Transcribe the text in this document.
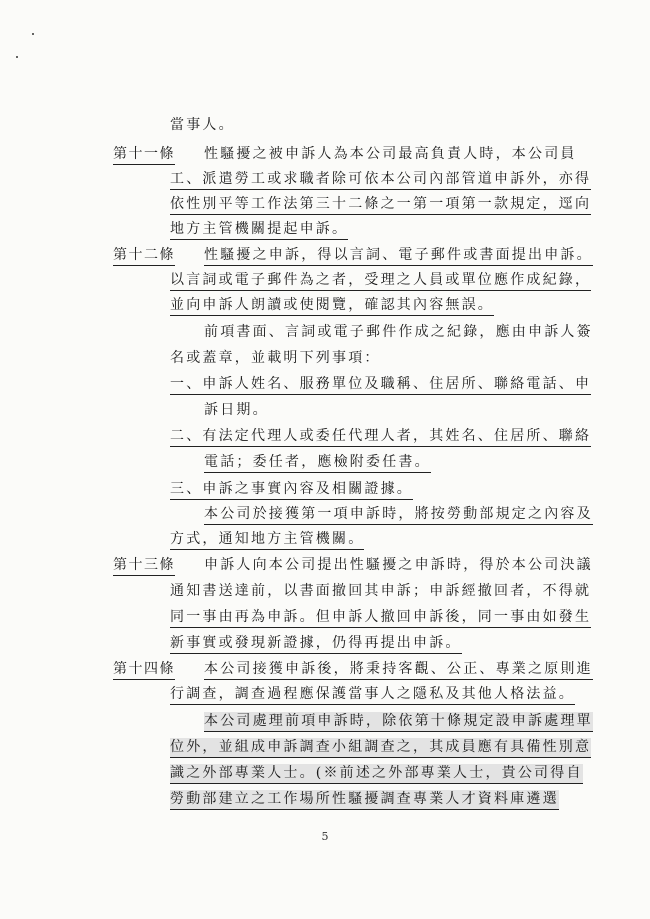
當事人。
第十一條 性騷擾之被申訴人為本公司最高負責人時，本公司員
工、派遣勞工或求職者除可依本公司內部管道申訴外，亦得
依性別平等工作法第三十二條之一第一項第一款規定，逕向
地方主管機關提起申訴。
第十二條 性騷擾之申訴，得以言詞、電子郵件或書面提出申訴。
以言詞或電子郵件為之者，受理之人員或單位應作成紀錄，
並向申訴人朗讀或使閱覽，確認其內容無誤。
前項書面、言詞或電子郵件作成之紀錄，應由申訴人簽
名或蓋章，並載明下列事項：
一、申訴人姓名、服務單位及職稱、住居所、聯絡電話、申
訴日期。
二、有法定代理人或委任代理人者，其姓名、住居所、聯絡
電話；委任者，應檢附委任書。
三、申訴之事實內容及相關證據。
本公司於接獲第一項申訴時，將按勞動部規定之內容及
方式，通知地方主管機關。
第十三條 申訴人向本公司提出性騷擾之申訴時，得於本公司決議
通知書送達前，以書面撤回其申訴；申訴經撤回者，不得就
同一事由再為申訴。但申訴人撤回申訴後，同一事由如發生
新事實或發現新證據，仍得再提出申訴。
第十四條 本公司接獲申訴後，將秉持客觀、公正、專業之原則進
行調查，調查過程應保護當事人之隱私及其他人格法益。
本公司處理前項申訴時，除依第十條規定設申訴處理單
位外，並組成申訴調查小組調查之，其成員應有具備性別意
識之外部專業人士。(※前述之外部專業人士，貴公司得自
勞動部建立之工作場所性騷擾調查專業人才資料庫遴選
5
